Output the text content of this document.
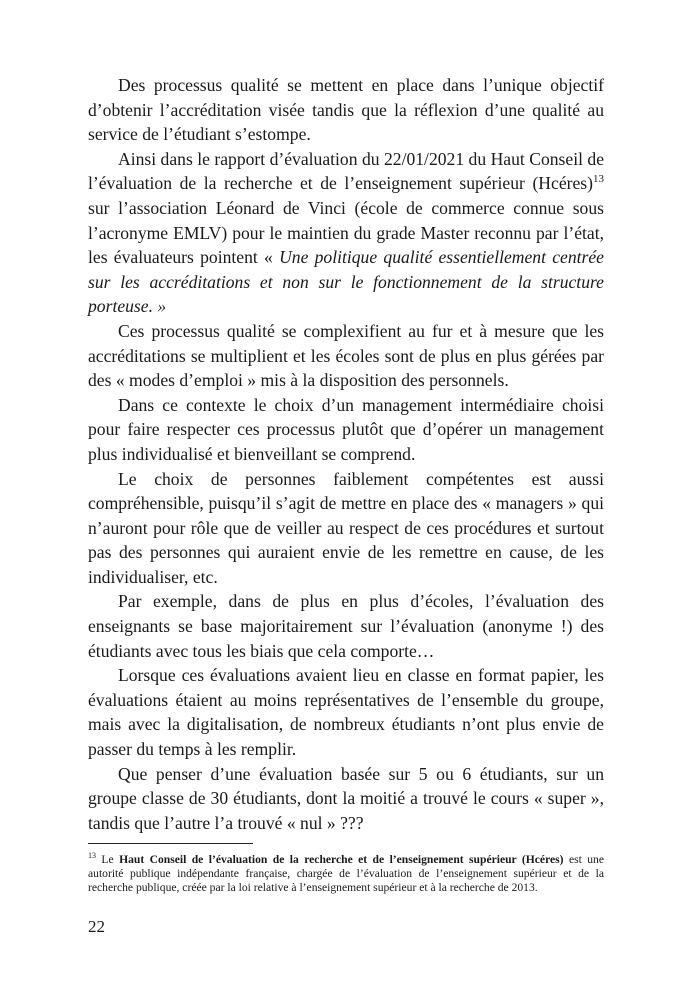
Des processus qualité se mettent en place dans l’unique objectif d’obtenir l’accréditation visée tandis que la réflexion d’une qualité au service de l’étudiant s’estompe.

Ainsi dans le rapport d’évaluation du 22/01/2021 du Haut Conseil de l’évaluation de la recherche et de l’enseignement supérieur (Hcéres)$^{13}$ sur l’association Léonard de Vinci (école de commerce connue sous l’acronyme EMLV) pour le maintien du grade Master reconnu par l’état, les évaluateurs pointent « Une politique qualité essentiellement centrée sur les accréditations et non sur le fonctionnement de la structure porteuse. »

Ces processus qualité se complexifient au fur et à mesure que les accréditations se multiplient et les écoles sont de plus en plus gérées par des « modes d’emploi » mis à la disposition des personnels.

Dans ce contexte le choix d’un management intermédiaire choisi pour faire respecter ces processus plutôt que d’opérer un management plus individualisé et bienveillant se comprend.

Le choix de personnes faiblement compétentes est aussi compréhensible, puisqu’il s’agit de mettre en place des « managers » qui n’auront pour rôle que de veiller au respect de ces procédures et surtout pas des personnes qui auraient envie de les remettre en cause, de les individualiser, etc.

Par exemple, dans de plus en plus d’écoles, l’évaluation des enseignants se base majoritairement sur l’évaluation (anonyme !) des étudiants avec tous les biais que cela comporte…

Lorsque ces évaluations avaient lieu en classe en format papier, les évaluations étaient au moins représentatives de l’ensemble du groupe, mais avec la digitalisation, de nombreux étudiants n’ont plus envie de passer du temps à les remplir.

Que penser d’une évaluation basée sur 5 ou 6 étudiants, sur un groupe classe de 30 étudiants, dont la moitié a trouvé le cours « super », tandis que l’autre l’a trouvé « nul » ???

$^{13}$ Le Haut Conseil de l’évaluation de la recherche et de l’enseignement supérieur (Hcéres) est une autorité publique indépendante française, chargée de l’évaluation de l’enseignement supérieur et de la recherche publique, créée par la loi relative à l’enseignement supérieur et à la recherche de 2013.

22
